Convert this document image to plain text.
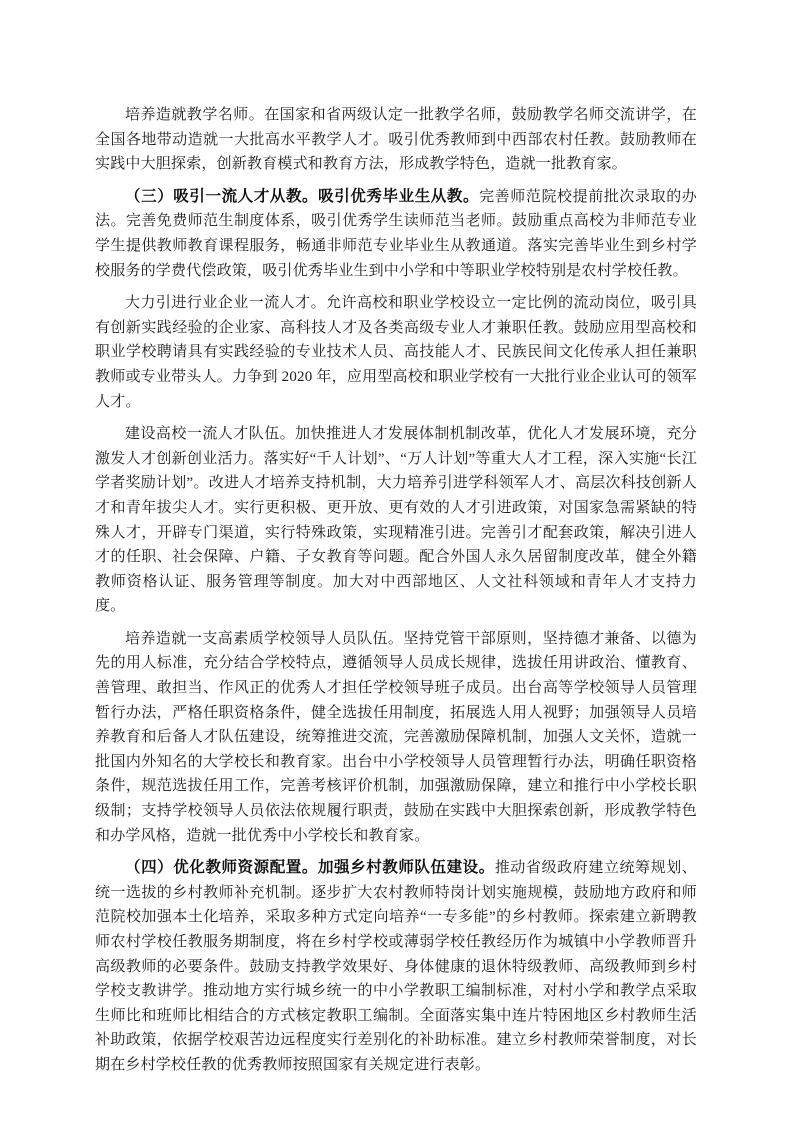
培养造就教学名师。在国家和省两级认定一批教学名师，鼓励教学名师交流讲学，在全国各地带动造就一大批高水平教学人才。吸引优秀教师到中西部农村任教。鼓励教师在实践中大胆探索，创新教育模式和教育方法，形成教学特色，造就一批教育家。

（三）吸引一流人才从教。吸引优秀毕业生从教。完善师范院校提前批次录取的办法。完善免费师范生制度体系，吸引优秀学生读师范当老师。鼓励重点高校为非师范专业学生提供教师教育课程服务，畅通非师范专业毕业生从教通道。落实完善毕业生到乡村学校服务的学费代偿政策，吸引优秀毕业生到中小学和中等职业学校特别是农村学校任教。

大力引进行业企业一流人才。允许高校和职业学校设立一定比例的流动岗位，吸引具有创新实践经验的企业家、高科技人才及各类高级专业人才兼职任教。鼓励应用型高校和职业学校聘请具有实践经验的专业技术人员、高技能人才、民族民间文化传承人担任兼职教师或专业带头人。力争到 2020 年，应用型高校和职业学校有一大批行业企业认可的领军人才。

建设高校一流人才队伍。加快推进人才发展体制机制改革，优化人才发展环境，充分激发人才创新创业活力。落实好“千人计划”、“万人计划”等重大人才工程，深入实施“长江学者奖励计划”。改进人才培养支持机制，大力培养引进学科领军人才、高层次科技创新人才和青年拔尖人才。实行更积极、更开放、更有效的人才引进政策，对国家急需紧缺的特殊人才，开辟专门渠道，实行特殊政策，实现精准引进。完善引才配套政策，解决引进人才的任职、社会保障、户籍、子女教育等问题。配合外国人永久居留制度改革，健全外籍教师资格认证、服务管理等制度。加大对中西部地区、人文社科领域和青年人才支持力度。

培养造就一支高素质学校领导人员队伍。坚持党管干部原则，坚持德才兼备、以德为先的用人标准，充分结合学校特点，遵循领导人员成长规律，选拔任用讲政治、懂教育、善管理、敢担当、作风正的优秀人才担任学校领导班子成员。出台高等学校领导人员管理暂行办法，严格任职资格条件，健全选拔任用制度，拓展选人用人视野；加强领导人员培养教育和后备人才队伍建设，统筹推进交流，完善激励保障机制，加强人文关怀，造就一批国内外知名的大学校长和教育家。出台中小学校领导人员管理暂行办法，明确任职资格条件，规范选拔任用工作，完善考核评价机制，加强激励保障，建立和推行中小学校长职级制；支持学校领导人员依法依规履行职责，鼓励在实践中大胆探索创新，形成教学特色和办学风格，造就一批优秀中小学校长和教育家。

（四）优化教师资源配置。加强乡村教师队伍建设。推动省级政府建立统筹规划、统一选拔的乡村教师补充机制。逐步扩大农村教师特岗计划实施规模，鼓励地方政府和师范院校加强本土化培养，采取多种方式定向培养“一专多能”的乡村教师。探索建立新聘教师农村学校任教服务期制度，将在乡村学校或薄弱学校任教经历作为城镇中小学教师晋升高级教师的必要条件。鼓励支持教学效果好、身体健康的退休特级教师、高级教师到乡村学校支教讲学。推动地方实行城乡统一的中小学教职工编制标准，对村小学和教学点采取生师比和班师比相结合的方式核定教职工编制。全面落实集中连片特困地区乡村教师生活补助政策，依据学校艰苦边远程度实行差别化的补助标准。建立乡村教师荣誉制度，对长期在乡村学校任教的优秀教师按照国家有关规定进行表彰。
